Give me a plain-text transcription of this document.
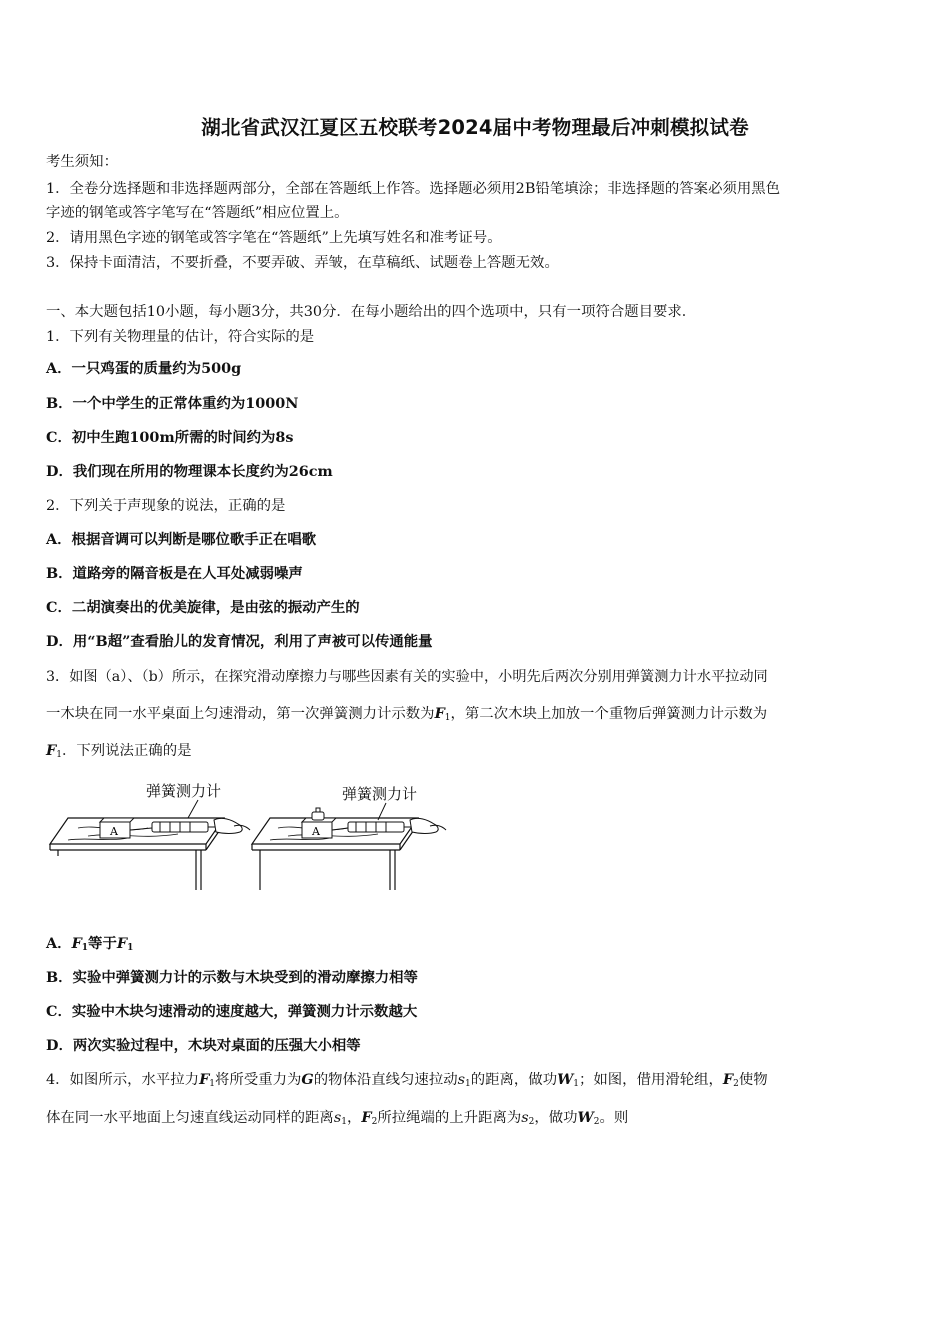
湖北省武汉江夏区五校联考2024届中考物理最后冲刺模拟试卷
考生须知：
1．全卷分选择题和非选择题两部分，全部在答题纸上作答。选择题必须用2B铅笔填涂；非选择题的答案必须用黑色
字迹的钢笔或答字笔写在“答题纸”相应位置上。
2．请用黑色字迹的钢笔或答字笔在“答题纸”上先填写姓名和准考证号。
3．保持卡面清洁，不要折叠，不要弄破、弄皱，在草稿纸、试题卷上答题无效。
一、本大题包括10小题，每小题3分，共30分．在每小题给出的四个选项中，只有一项符合题目要求．
1．下列有关物理量的估计，符合实际的是
A．一只鸡蛋的质量约为500g
B．一个中学生的正常体重约为1000N
C．初中生跑100m所需的时间约为8s
D．我们现在所用的物理课本长度约为26cm
2．下列关于声现象的说法，正确的是
A．根据音调可以判断是哪位歌手正在唱歌
B．道路旁的隔音板是在人耳处减弱噪声
C．二胡演奏出的优美旋律，是由弦的振动产生的
D．用“B超”查看胎儿的发育情况，利用了声被可以传通能量
3．如图（a）、（b）所示，在探究滑动摩擦力与哪些因素有关的实验中，小明先后两次分别用弹簧测力计水平拉动同
一木块在同一水平桌面上匀速滑动，第一次弹簧测力计示数为$F_1$，第二次木块上加放一个重物后弹簧测力计示数为
$F_1$．下列说法正确的是
弹簧测力计
A
弹簧测力计
A
A．$F_1$等于$F_1$
B．实验中弹簧测力计的示数与木块受到的滑动摩擦力相等
C．实验中木块匀速滑动的速度越大，弹簧测力计示数越大
D．两次实验过程中，木块对桌面的压强大小相等
4．如图所示，水平拉力$F_1$将所受重力为G的物体沿直线匀速拉动$s_1$的距离，做功$W_1$；如图，借用滑轮组，$F_2$使物
体在同一水平地面上匀速直线运动同样的距离$s_1$，$F_2$所拉绳端的上升距离为$s_2$，做功$W_2$。则
